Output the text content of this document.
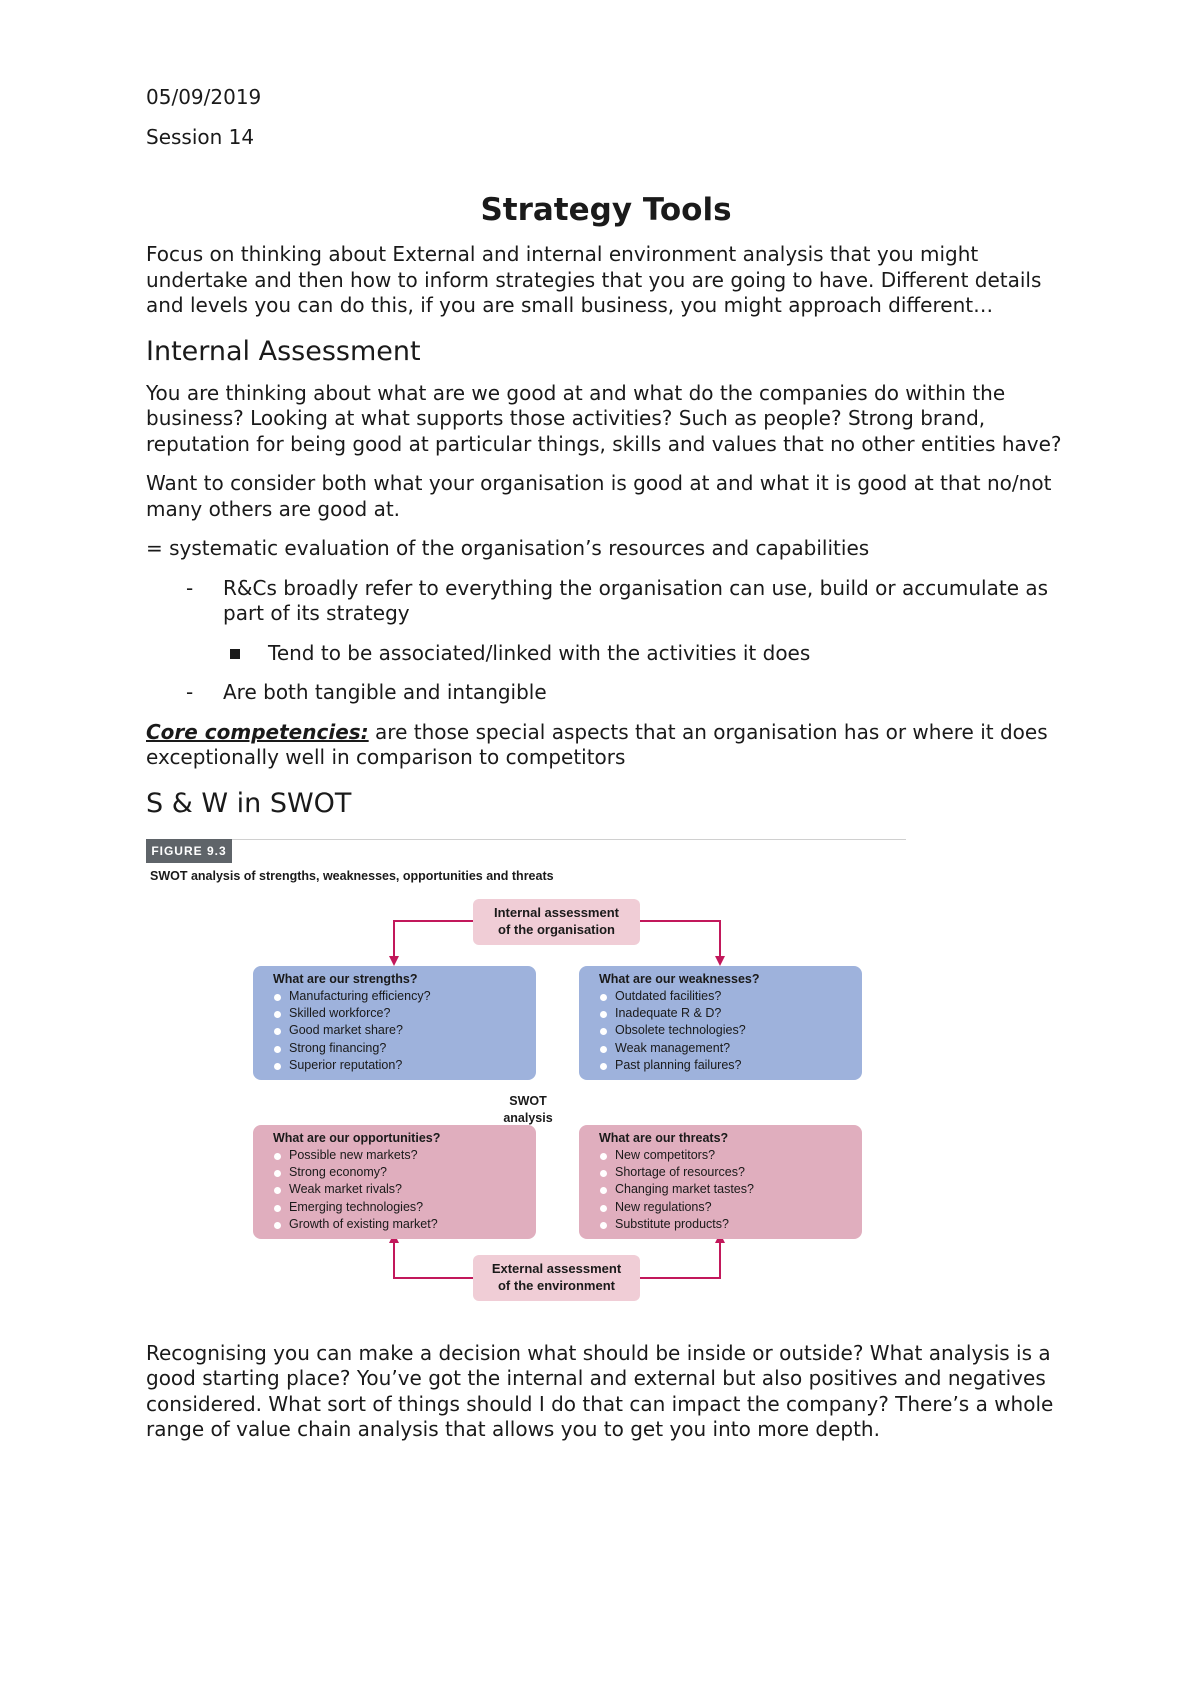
05/09/2019
Session 14
Strategy Tools

Focus on thinking about External and internal environment analysis that you might undertake and then how to inform strategies that you are going to have. Different details and levels you can do this, if you are small business, you might approach different…

Internal Assessment

You are thinking about what are we good at and what do the companies do within the business? Looking at what supports those activities? Such as people? Strong brand, reputation for being good at particular things, skills and values that no other entities have?

Want to consider both what your organisation is good at and what it is good at that no/not many others are good at.

= systematic evaluation of the organisation’s resources and capabilities

- R&Cs broadly refer to everything the organisation can use, build or accumulate as part of its strategy
Tend to be associated/linked with the activities it does
- Are both tangible and intangible

Core competencies: are those special aspects that an organisation has or where it does exceptionally well in comparison to competitors

S & W in SWOT
FIGURE 9.3
SWOT analysis of strengths, weaknesses, opportunities and threats
Internal assessment
of the organisation
What are our strengths?
Manufacturing efficiency?
Skilled workforce?
Good market share?
Strong financing?
Superior reputation?
What are our weaknesses?
Outdated facilities?
Inadequate R & D?
Obsolete technologies?
Weak management?
Past planning failures?
SWOT
analysis
What are our opportunities?
Possible new markets?
Strong economy?
Weak market rivals?
Emerging technologies?
Growth of existing market?
What are our threats?
New competitors?
Shortage of resources?
Changing market tastes?
New regulations?
Substitute products?
External assessment
of the environment

Recognising you can make a decision what should be inside or outside? What analysis is a good starting place? You’ve got the internal and external but also positives and negatives considered. What sort of things should I do that can impact the company? There’s a whole range of value chain analysis that allows you to get you into more depth.
